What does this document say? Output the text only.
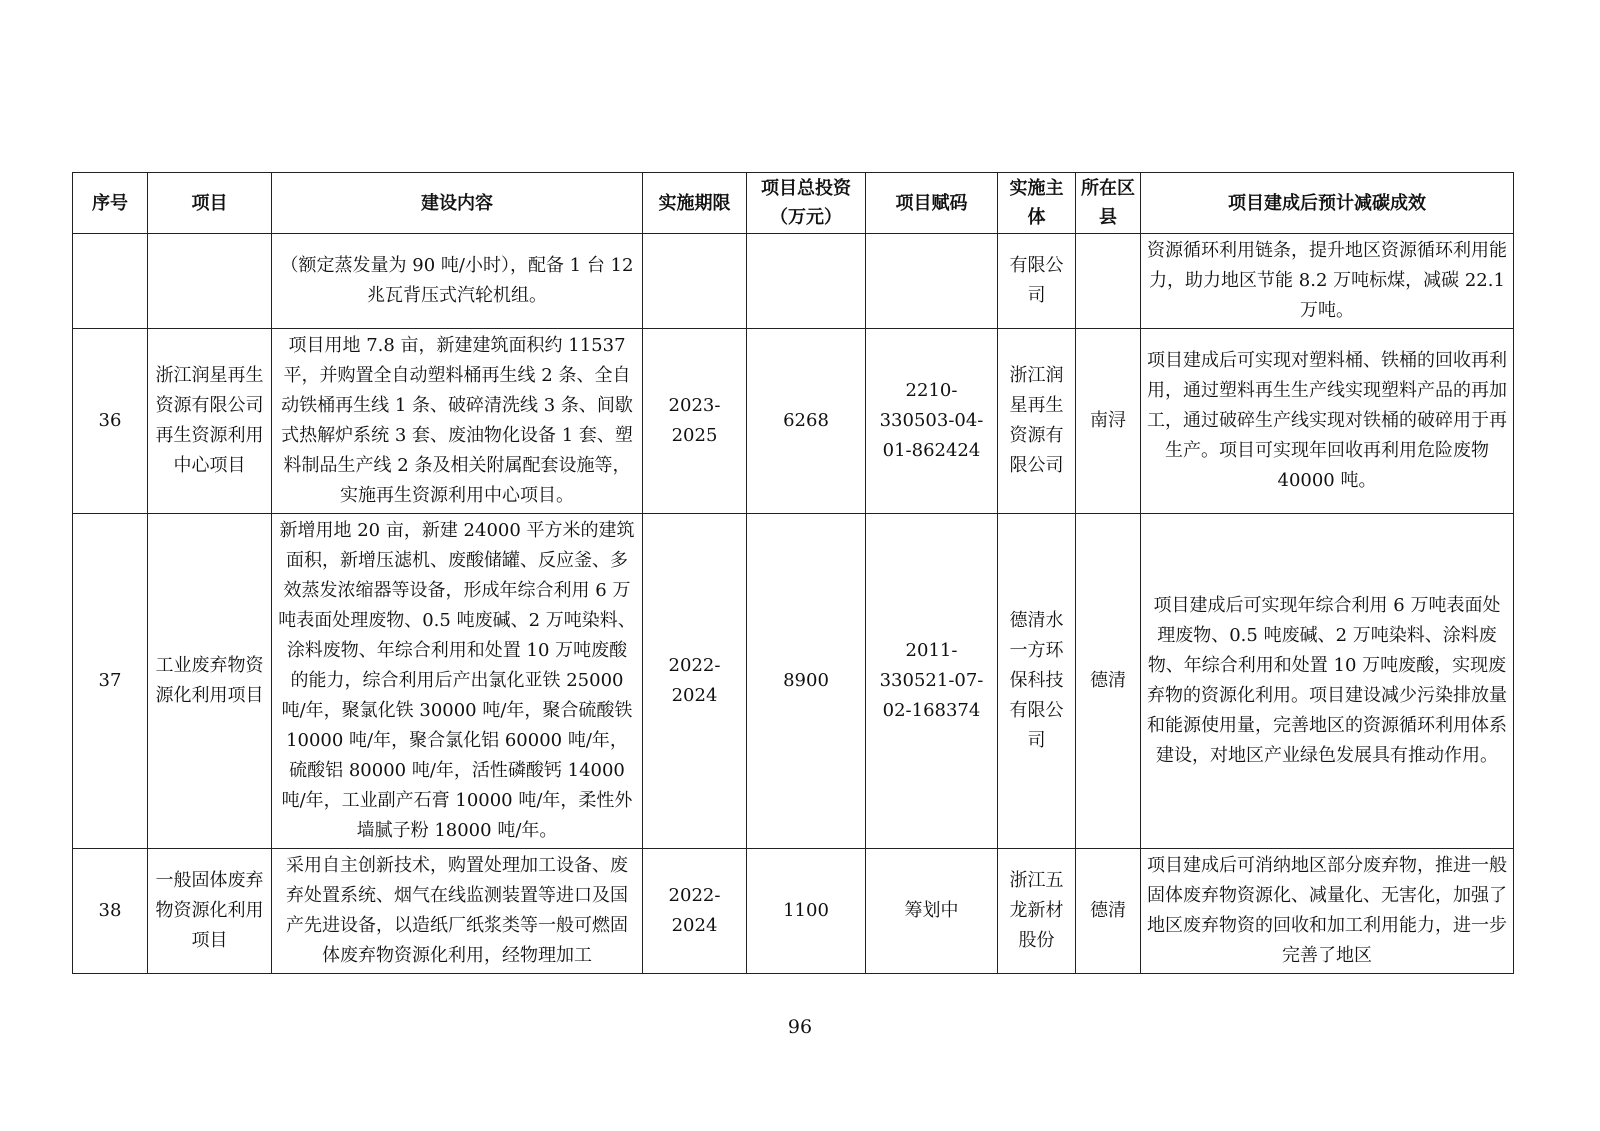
序号	项目	建设内容	实施期限	项目总投资（万元）	项目赋码	实施主体	所在区县	项目建成后预计减碳成效
		（额定蒸发量为 90 吨/小时），配备 1 台 12 兆瓦背压式汽轮机组。				有限公司		资源循环利用链条，提升地区资源循环利用能力，助力地区节能 8.2 万吨标煤，减碳 22.1 万吨。
36	浙江润星再生资源有限公司再生资源利用中心项目	项目用地 7.8 亩，新建建筑面积约 11537 平，并购置全自动塑料桶再生线 2 条、全自动铁桶再生线 1 条、破碎清洗线 3 条、间歇式热解炉系统 3 套、废油物化设备 1 套、塑料制品生产线 2 条及相关附属配套设施等，实施再生资源利用中心项目。	2023-2025	6268	2210-330503-04-01-862424	浙江润星再生资源有限公司	南浔	项目建成后可实现对塑料桶、铁桶的回收再利用，通过塑料再生生产线实现塑料产品的再加工，通过破碎生产线实现对铁桶的破碎用于再生产。项目可实现年回收再利用危险废物 40000 吨。
37	工业废弃物资源化利用项目	新增用地 20 亩，新建 24000 平方米的建筑面积，新增压滤机、废酸储罐、反应釜、多效蒸发浓缩器等设备，形成年综合利用 6 万吨表面处理废物、0.5 吨废碱、2 万吨染料、涂料废物、年综合利用和处置 10 万吨废酸的能力，综合利用后产出氯化亚铁 25000 吨/年，聚氯化铁 30000 吨/年，聚合硫酸铁 10000 吨/年，聚合氯化铝 60000 吨/年，硫酸铝 80000 吨/年，活性磷酸钙 14000 吨/年，工业副产石膏 10000 吨/年，柔性外墙腻子粉 18000 吨/年。	2022-2024	8900	2011-330521-07-02-168374	德清水一方环保科技有限公司	德清	项目建成后可实现年综合利用 6 万吨表面处理废物、0.5 吨废碱、2 万吨染料、涂料废物、年综合利用和处置 10 万吨废酸，实现废弃物的资源化利用。项目建设减少污染排放量和能源使用量，完善地区的资源循环利用体系建设，对地区产业绿色发展具有推动作用。
38	一般固体废弃物资源化利用项目	采用自主创新技术，购置处理加工设备、废弃处置系统、烟气在线监测装置等进口及国产先进设备，以造纸厂纸浆类等一般可燃固体废弃物资源化利用，经物理加工	2022-2024	1100	筹划中	浙江五龙新材股份	德清	项目建成后可消纳地区部分废弃物，推进一般固体废弃物资源化、减量化、无害化，加强了地区废弃物资的回收和加工利用能力，进一步完善了地区
96
